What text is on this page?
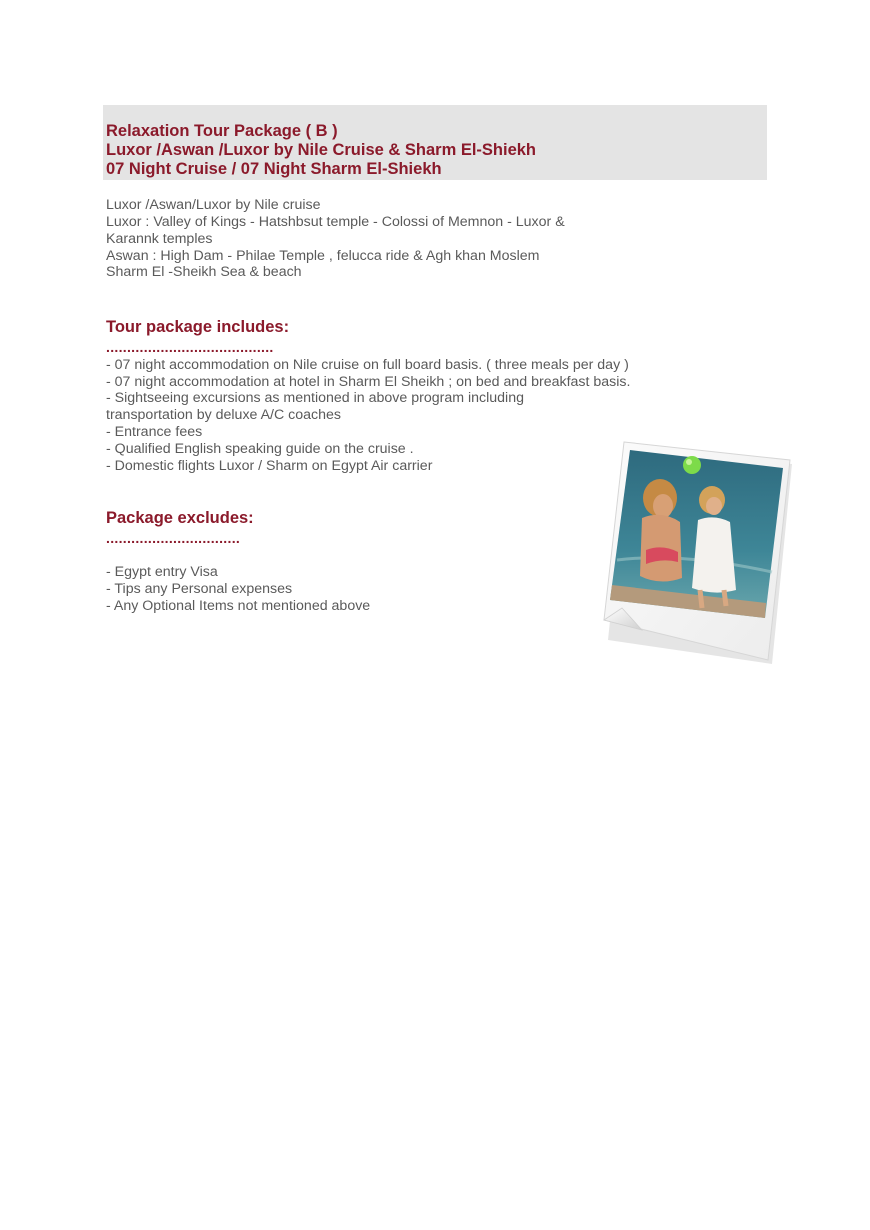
Relaxation Tour Package ( B )
Luxor /Aswan /Luxor by Nile Cruise & Sharm El-Shiekh
07 Night Cruise / 07 Night Sharm El-Shiekh
Luxor /Aswan/Luxor by Nile cruise
Luxor : Valley of Kings - Hatshbsut temple - Colossi of Memnon - Luxor &
Karannk temples
Aswan : High Dam - Philae Temple , felucca ride & Agh khan Moslem
Sharm El -Sheikh Sea & beach
Tour package includes:
........................................
- 07 night accommodation on Nile cruise on full board basis. ( three meals per day )
- 07 night accommodation at hotel in Sharm El Sheikh ; on bed and breakfast basis.
- Sightseeing excursions as mentioned in above program including
transportation by deluxe A/C coaches
- Entrance fees
- Qualified English speaking guide on the cruise .
- Domestic flights Luxor / Sharm on Egypt Air carrier
Package excludes:
................................
- Egypt entry Visa
- Tips any Personal expenses
- Any Optional Items not mentioned above
